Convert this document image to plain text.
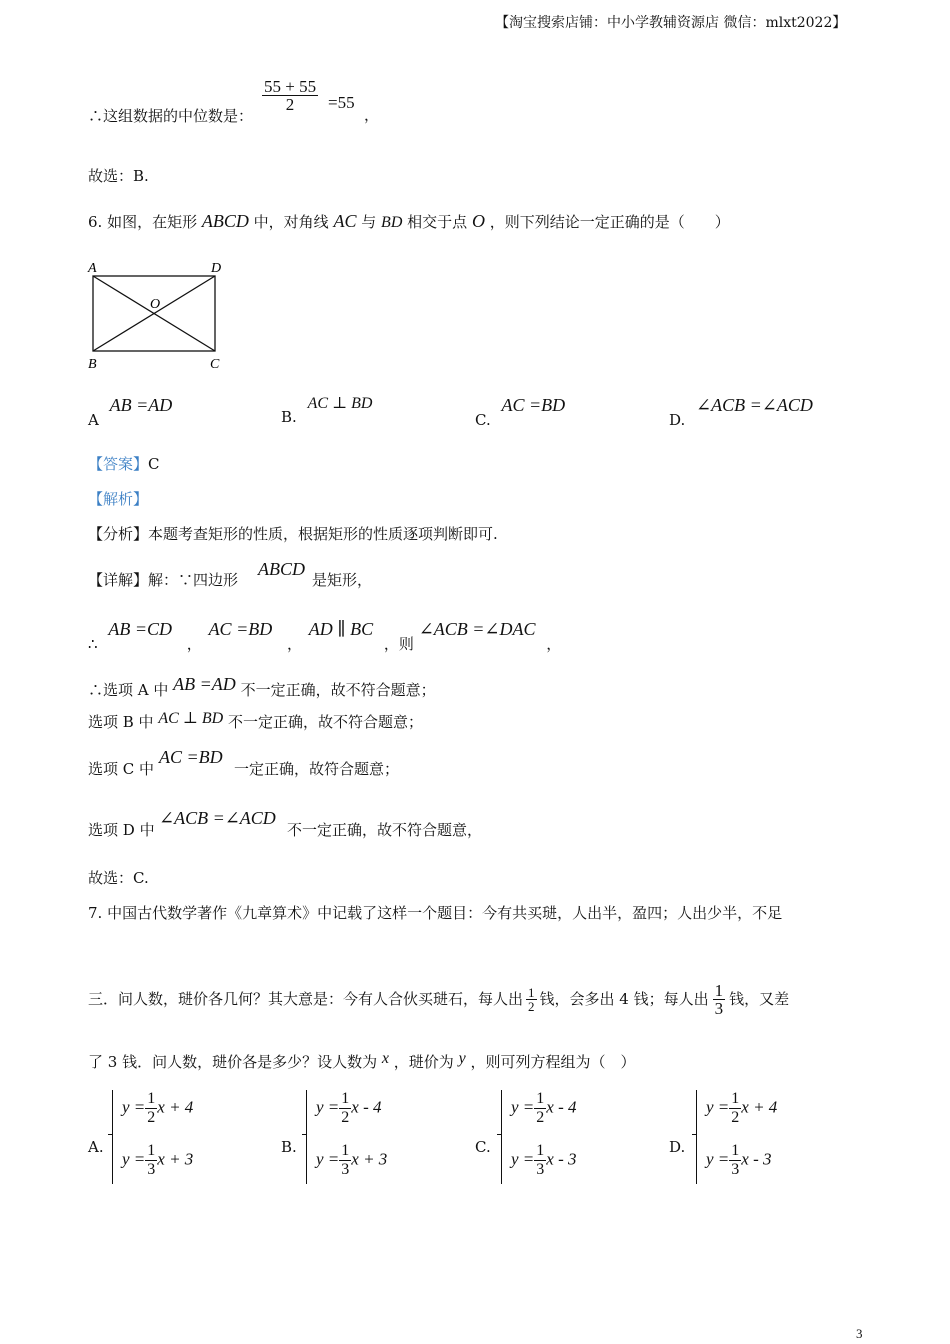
【淘宝搜索店铺：中小学教辅资源店 微信：mlxt2022】
∴这组数据的中位数是：
$\frac{55 + 55}{2} =55$
，
故选：B.
6. 如图，在矩形 ABCD 中，对角线 AC 与 BD 相交于点 O ，则下列结论一定正确的是（　　）
A	D
O
B	C
A AB =AD
B. AC ⊥ BD
C. AC =BD
D. ∠ACB =∠ACD
【答案】C
【解析】
【分析】本题考查矩形的性质，根据矩形的性质逐项判断即可.
【详解】解：∵四边形
ABCD
是矩形，
∴ AB =CD ， AC =BD ， AD ∥ BC ，则 ∠ACB =∠DAC ，
∴选项 A 中 AB =AD 不一定正确，故不符合题意；
选项 B 中 AC ⊥ BD 不一定正确，故不符合题意；
选项 C 中
AC =BD
一定正确，故符合题意；
选项 D 中
∠ACB =∠ACD
不一定正确，故不符合题意，
故选：C.
7. 中国古代数学著作《九章算术》中记载了这样一个题目：今有共买琎，人出半，盈四；人出少半，不足
三．问人数，琎价各几何？其大意是：今有人合伙买琎石，每人出 $\frac{1}{2}$ 钱，会多出 4 钱；每人出 $\frac{1}{3}$ 钱，又差
了 3 钱．问人数，琎价各是多少？设人数为 x ，琎价为 y ，则可列方程组为（　）
A.
$y = \frac{1}{2}$ x + 4
$y = \frac{1}{3}$ x + 3
B.
$y = \frac{1}{2}$ x - 4
$y = \frac{1}{3}$ x + 3
C.
$y = \frac{1}{2}$ x - 4
$y = \frac{1}{3}$ x - 3
D.
$y = \frac{1}{2}$ x + 4
$y = \frac{1}{3}$ x - 3
3
